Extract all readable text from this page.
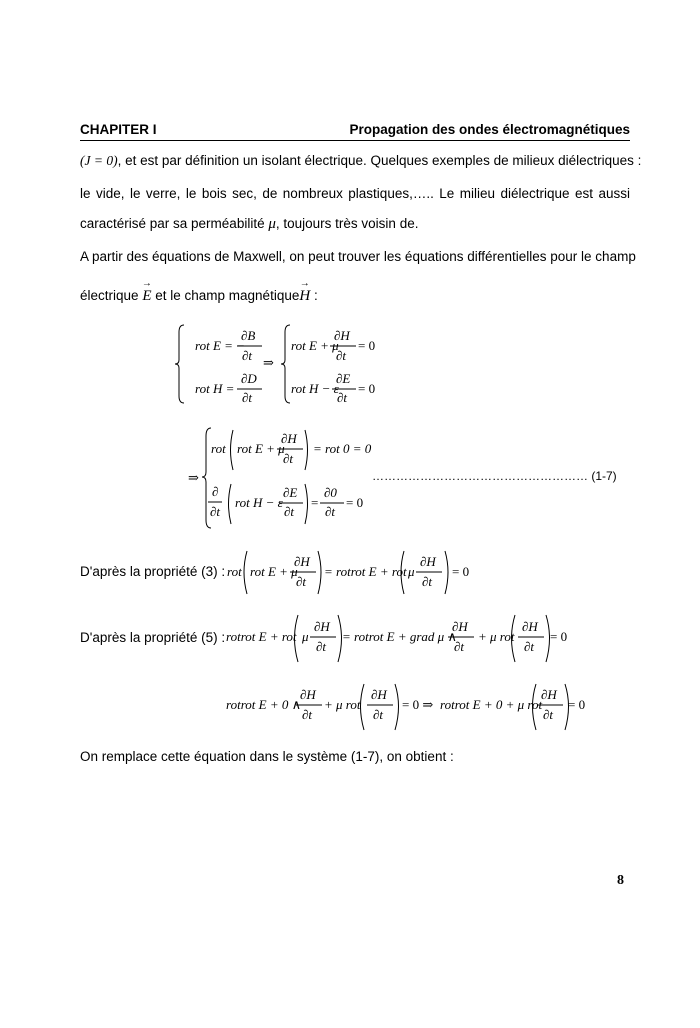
CHAPITER I	Propagation des ondes électromagnétiques
(J = 0), et est par définition un isolant électrique. Quelques exemples de milieux diélectriques :
le vide, le verre, le bois sec, de nombreux plastiques,….. Le milieu diélectrique est aussi
caractérisé par sa perméabilité μ, toujours très voisin de.
A partir des équations de Maxwell, on peut trouver les équations différentielles pour le champ
électrique → E et le champ magnétique→ H :
rot E = −
∂B
∂t
rot H =
∂D
∂t
⇒
rot E + μ
∂H
∂t
= 0
rot H − ε
∂E
∂t
= 0
⇒
rot rot E + μ
∂H
∂t
= rot 0 = 0
∂
∂t
rot H − ε
∂E
∂t
=
∂0
∂t
= 0
……………………………………………… (1-7)
D'après la propriété (3) : rot rot E + μ
∂H
∂t
= rotrot E + rot μ
∂H
∂t
= 0
D'après la propriété (5) : rotrot E + rot μ
∂H
∂t
= rotrot E + grad μ ∧
∂H
∂t
+ μ rot
∂H
∂t
= 0
rotrot E + 0 ∧
∂H
∂t
+ μ rot
∂H
∂t
= 0 ⇒ rotrot E + 0 + μ rot
∂H
∂t
= 0
On remplace cette équation dans le système (1-7), on obtient :
8
